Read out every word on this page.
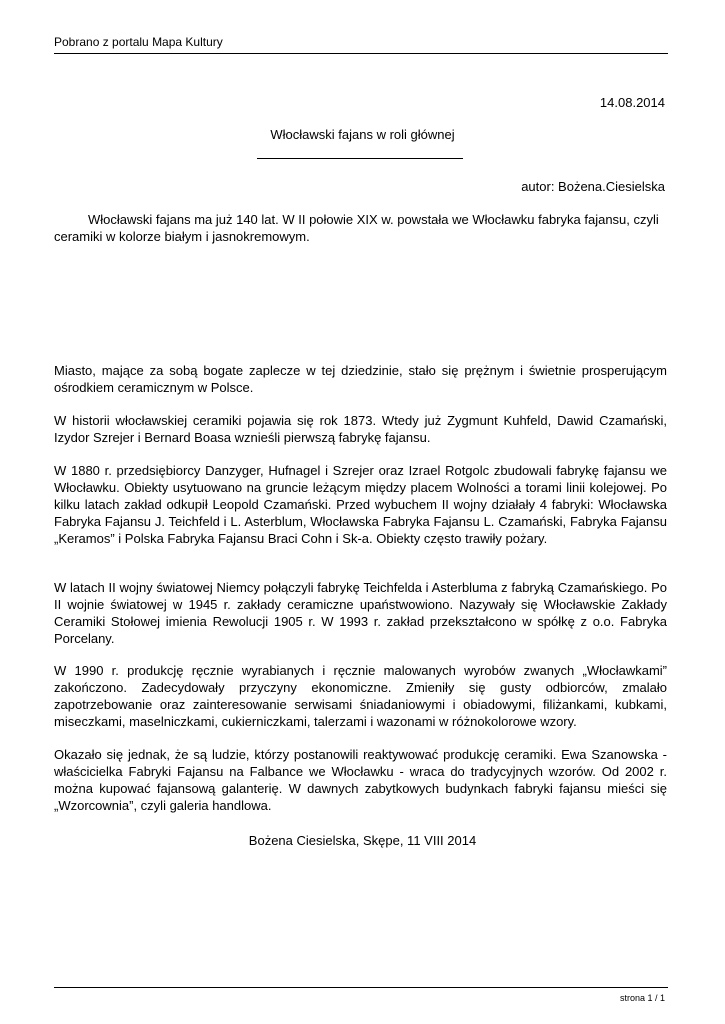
Pobrano z portalu Mapa Kultury
14.08.2014
Włocławski fajans w roli głównej
autor: Bożena.Ciesielska

Włocławski fajans ma już 140 lat. W II połowie XIX w. powstała we Włocławku fabryka fajansu, czyli ceramiki w kolorze białym i jasnokremowym.

Miasto, mające za sobą bogate zaplecze w tej dziedzinie, stało się prężnym i świetnie prosperującym ośrodkiem ceramicznym w Polsce.

W historii włocławskiej ceramiki pojawia się rok 1873. Wtedy już Zygmunt Kuhfeld, Dawid Czamański, Izydor Szrejer i Bernard Boasa wznieśli pierwszą fabrykę fajansu.

W 1880 r. przedsiębiorcy Danzyger, Hufnagel i Szrejer oraz Izrael Rotgolc zbudowali fabrykę fajansu we Włocławku. Obiekty usytuowano na gruncie leżącym między placem Wolności a torami linii kolejowej. Po kilku latach zakład odkupił Leopold Czamański. Przed wybuchem II wojny działały 4 fabryki: Włocławska Fabryka Fajansu J. Teichfeld i L. Asterblum, Włocławska Fabryka Fajansu L. Czamański, Fabryka Fajansu „Keramos” i Polska Fabryka Fajansu Braci Cohn i Sk-a. Obiekty często trawiły pożary.

W latach II wojny światowej Niemcy połączyli fabrykę Teichfelda i Asterbluma z fabryką Czamańskiego. Po II wojnie światowej w 1945 r. zakłady ceramiczne upaństwowiono. Nazywały się Włocławskie Zakłady Ceramiki Stołowej imienia Rewolucji 1905 r. W 1993 r. zakład przekształcono w spółkę z o.o. Fabryka Porcelany.

W 1990 r. produkcję ręcznie wyrabianych i ręcznie malowanych wyrobów zwanych „Włocławkami” zakończono. Zadecydowały przyczyny ekonomiczne. Zmieniły się gusty odbiorców, zmalało zapotrzebowanie oraz zainteresowanie serwisami śniadaniowymi i obiadowymi, filiżankami, kubkami, miseczkami, maselniczkami, cukierniczkami, talerzami i wazonami w różnokolorowe wzory.

Okazało się jednak, że są ludzie, którzy postanowili reaktywować produkcję ceramiki. Ewa Szanowska - właścicielka Fabryki Fajansu na Falbance we Włocławku - wraca do tradycyjnych wzorów. Od 2002 r. można kupować fajansową galanterię. W dawnych zabytkowych budynkach fabryki fajansu mieści się „Wzorcownia”, czyli galeria handlowa.

Bożena Ciesielska, Skępe, 11 VIII 2014
strona 1 / 1
